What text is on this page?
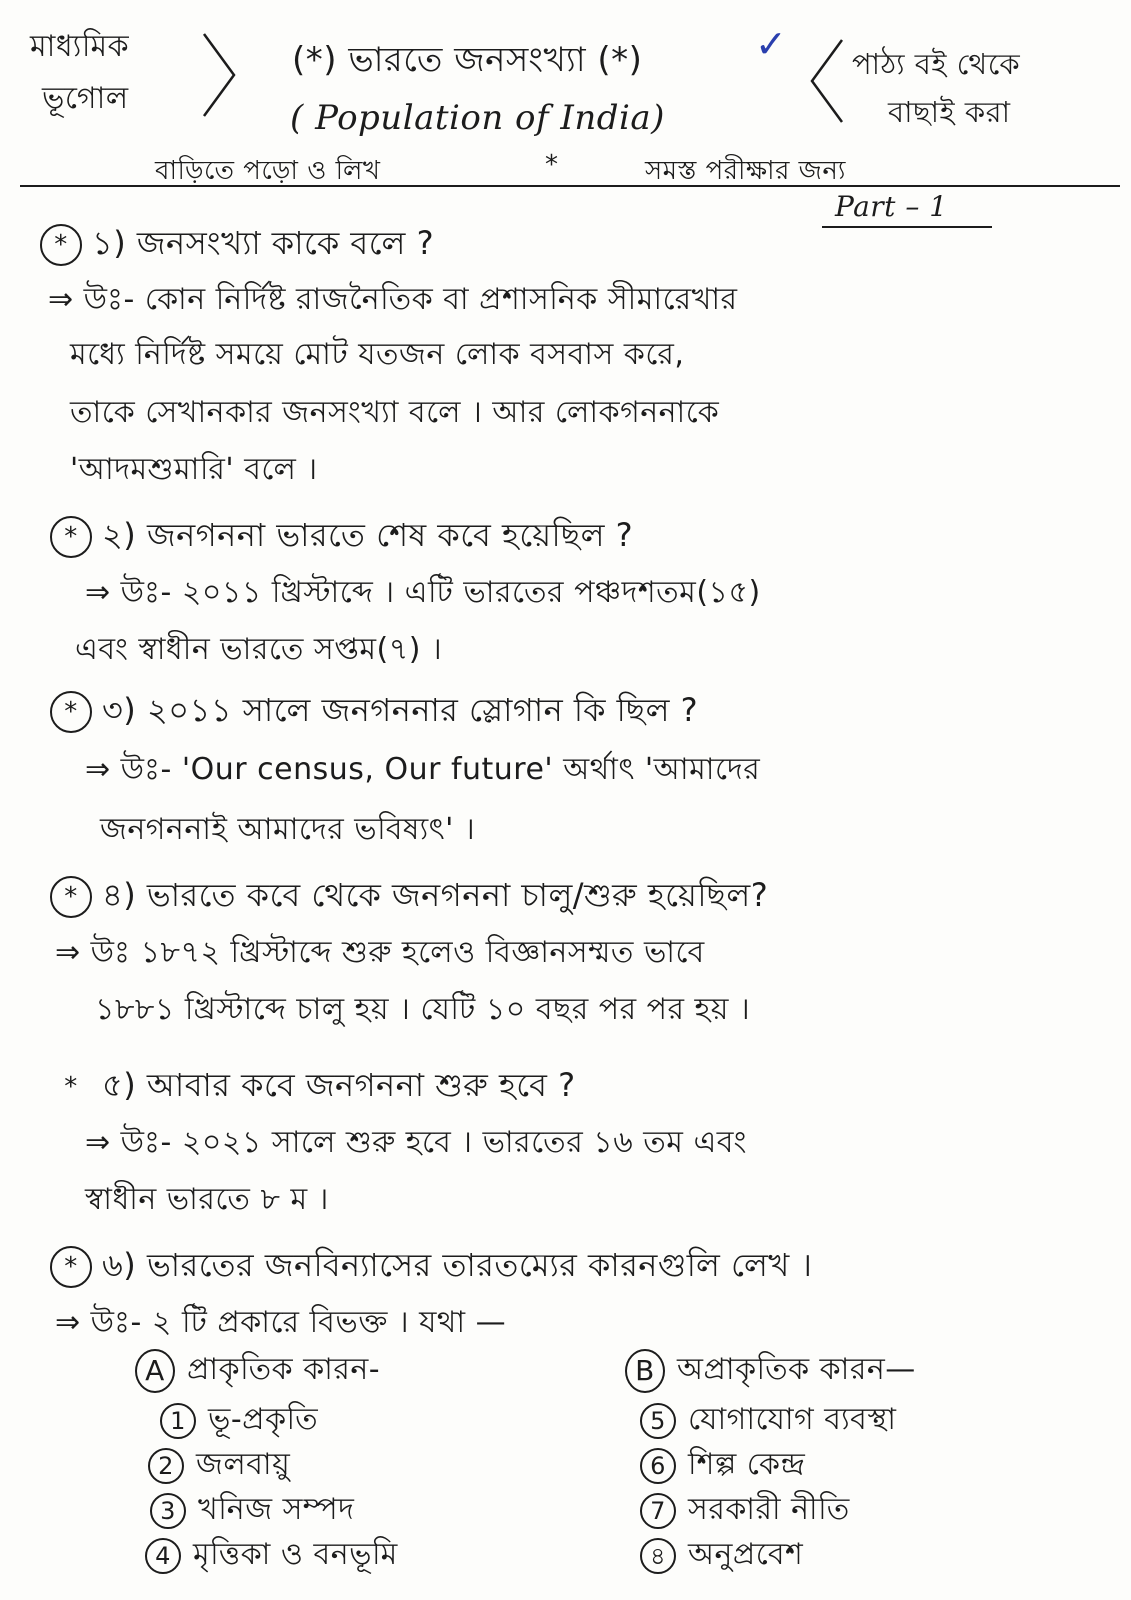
মাধ্যমিক
ভূগোল
(*) ভারতে জনসংখ্যা (*)
( Population of India)
✓ পাঠ্য বই থেকে
বাছাই করা
বাড়িতে পড়ো ও লিখ	*	সমস্ত পরীক্ষার জন্য
Part – 1
* ১) জনসংখ্যা কাকে বলে ?
⇒ উঃ- কোন নির্দিষ্ট রাজনৈতিক বা প্রশাসনিক সীমারেখার
মধ্যে নির্দিষ্ট সময়ে মোট যতজন লোক বসবাস করে,
তাকে সেখানকার জনসংখ্যা বলে । আর লোকগননাকে
'আদমশুমারি' বলে ।
* ২) জনগননা ভারতে শেষ কবে হয়েছিল ?
⇒ উঃ- ২০১১ খ্রিস্টাব্দে । এটি ভারতের পঞ্চদশতম(১৫)
এবং স্বাধীন ভারতে সপ্তম(৭) ।
* ৩) ২০১১ সালে জনগননার স্লোগান কি ছিল ?
⇒ উঃ- 'Our census, Our future' অর্থাৎ 'আমাদের
জনগননাই আমাদের ভবিষ্যৎ' ।
* ৪) ভারতে কবে থেকে জনগননা চালু/শুরু হয়েছিল?
⇒ উঃ ১৮৭২ খ্রিস্টাব্দে শুরু হলেও বিজ্ঞানসম্মত ভাবে
১৮৮১ খ্রিস্টাব্দে চালু হয় । যেটি ১০ বছর পর পর হয় ।
* ৫) আবার কবে জনগননা শুরু হবে ?
⇒ উঃ- ২০২১ সালে শুরু হবে । ভারতের ১৬ তম এবং
স্বাধীন ভারতে ৮ ম ।
* ৬) ভারতের জনবিন্যাসের তারতম্যের কারনগুলি লেখ ।
⇒ উঃ- ২ টি প্রকারে বিভক্ত । যথা —
A প্রাকৃতিক কারন-
1 ভূ-প্রকৃতি
2 জলবায়ু
3 খনিজ সম্পদ
4 মৃত্তিকা ও বনভূমি
B অপ্রাকৃতিক কারন—
5 যোগাযোগ ব্যবস্থা
6 শিল্প কেন্দ্র
7 সরকারী নীতি
৪ অনুপ্রবেশ
